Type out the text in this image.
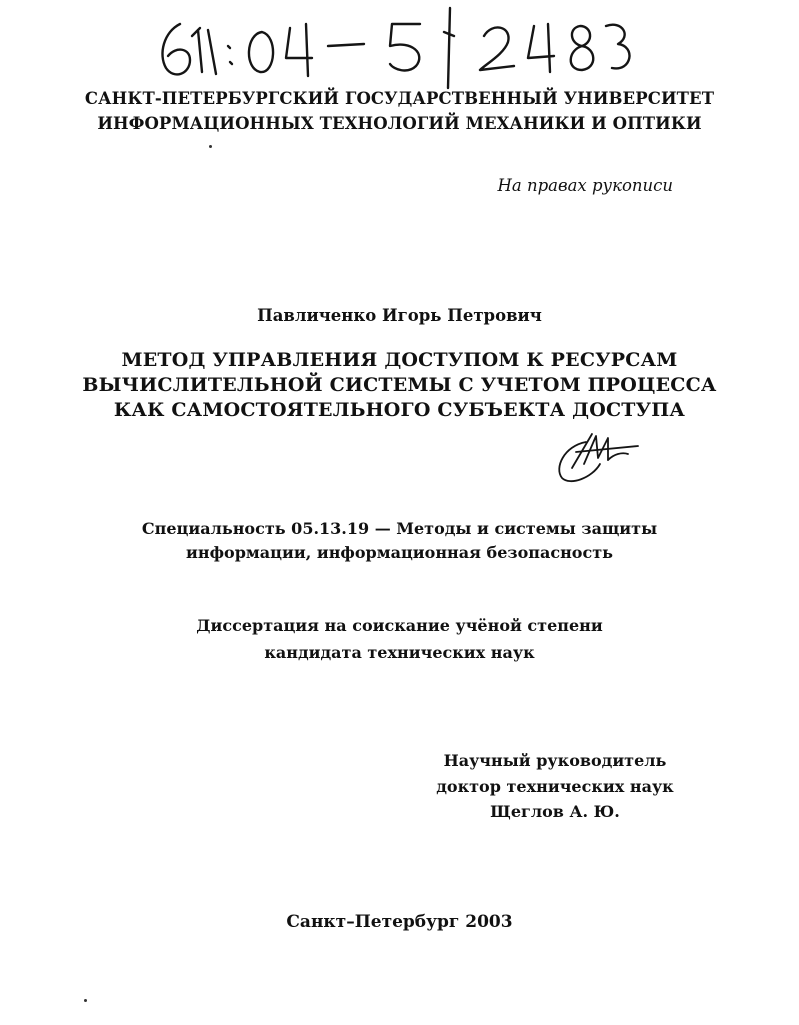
САНКТ-ПЕТЕРБУРГСКИЙ ГОСУДАРСТВЕННЫЙ УНИВЕРСИТЕТ
ИНФОРМАЦИОННЫХ ТЕХНОЛОГИЙ МЕХАНИКИ И ОПТИКИ
На правах рукописи
Павличенко Игорь Петрович
МЕТОД УПРАВЛЕНИЯ ДОСТУПОМ К РЕСУРСАМ
ВЫЧИСЛИТЕЛЬНОЙ СИСТЕМЫ С УЧЕТОМ ПРОЦЕССА
КАК САМОСТОЯТЕЛЬНОГО СУБЪЕКТА ДОСТУПА
Специальность 05.13.19 — Методы и системы защиты
информации, информационная безопасность
Диссертация на соискание учёной степени
кандидата технических наук
Научный руководитель
доктор технических наук
Щеглов А. Ю.
Санкт–Петербург 2003
